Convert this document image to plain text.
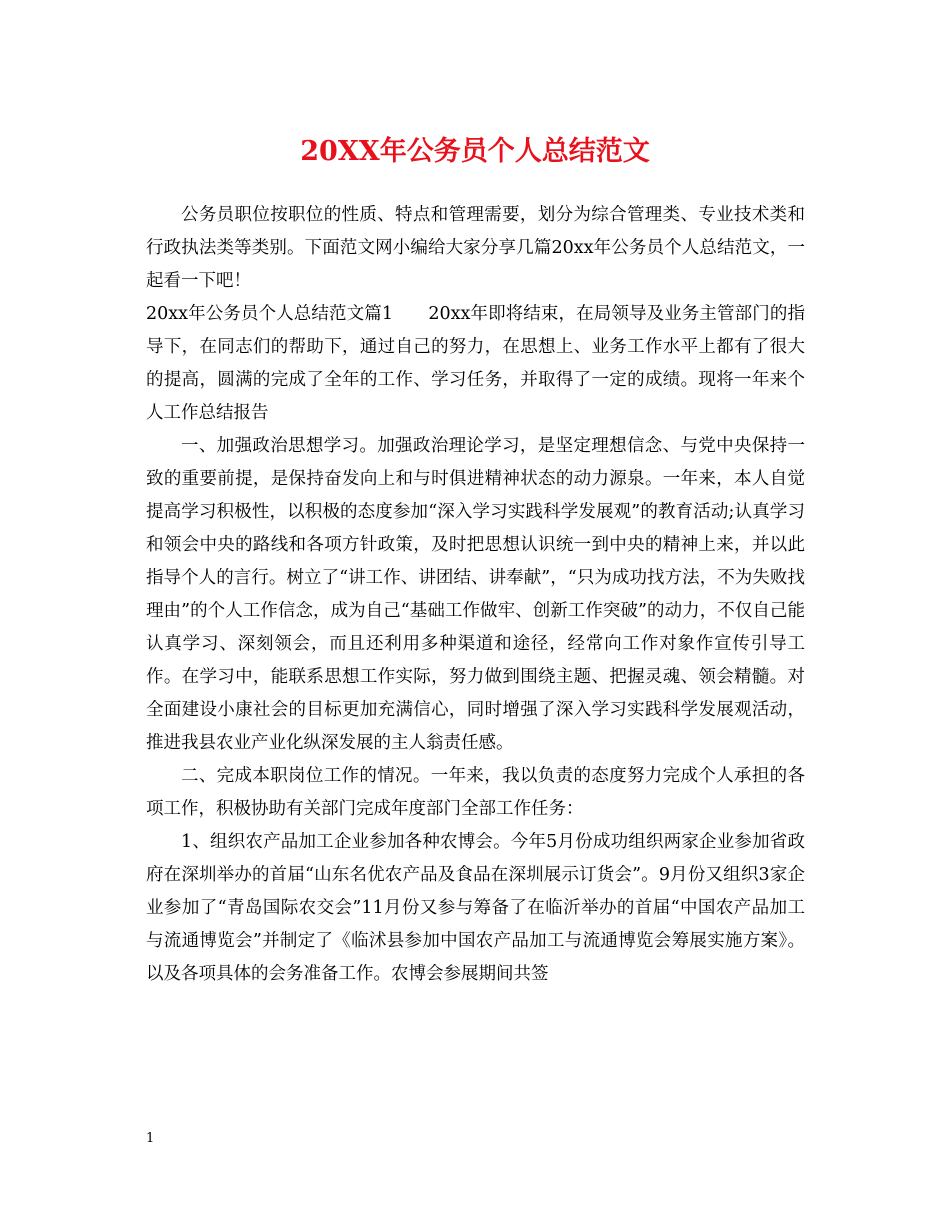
20XX年公务员个人总结范文

公务员职位按职位的性质、特点和管理需要，划分为综合管理类、专业技术类和行政执法类等类别。下面范文网小编给大家分享几篇20xx年公务员个人总结范文，一起看一下吧！

20xx年公务员个人总结范文篇1　　20xx年即将结束，在局领导及业务主管部门的指导下，在同志们的帮助下，通过自己的努力，在思想上、业务工作水平上都有了很大的提高，圆满的完成了全年的工作、学习任务，并取得了一定的成绩。现将一年来个人工作总结报告

一、加强政治思想学习。加强政治理论学习，是坚定理想信念、与党中央保持一致的重要前提，是保持奋发向上和与时俱进精神状态的动力源泉。一年来，本人自觉提高学习积极性，以积极的态度参加“深入学习实践科学发展观”的教育活动;认真学习和领会中央的路线和各项方针政策，及时把思想认识统一到中央的精神上来，并以此指导个人的言行。树立了“讲工作、讲团结、讲奉献”，“只为成功找方法，不为失败找理由”的个人工作信念，成为自己“基础工作做牢、创新工作突破”的动力，不仅自己能认真学习、深刻领会，而且还利用多种渠道和途径，经常向工作对象作宣传引导工作。在学习中，能联系思想工作实际，努力做到围绕主题、把握灵魂、领会精髓。对全面建设小康社会的目标更加充满信心，同时增强了深入学习实践科学发展观活动，推进我县农业产业化纵深发展的主人翁责任感。

二、完成本职岗位工作的情况。一年来，我以负责的态度努力完成个人承担的各项工作，积极协助有关部门完成年度部门全部工作任务：

1、组织农产品加工企业参加各种农博会。今年5月份成功组织两家企业参加省政府在深圳举办的首届“山东名优农产品及食品在深圳展示订货会”。9月份又组织3家企业参加了“青岛国际农交会”11月份又参与筹备了在临沂举办的首届“中国农产品加工与流通博览会”并制定了《临沭县参加中国农产品加工与流通博览会筹展实施方案》。以及各项具体的会务准备工作。农博会参展期间共签

1
